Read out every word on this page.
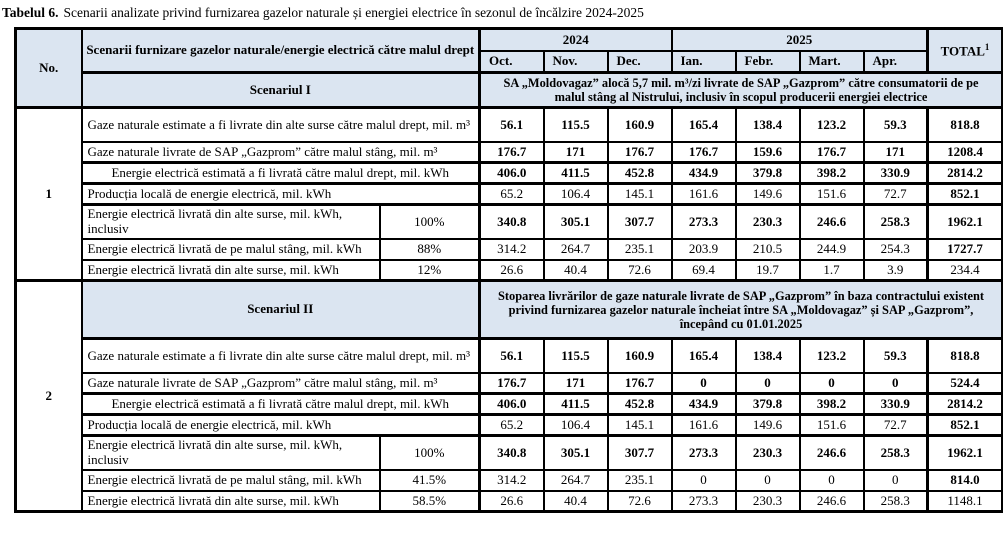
Tabelul 6. Scenarii analizate privind furnizarea gazelor naturale și energiei electrice în sezonul de încălzire 2024-2025
No.	Scenarii furnizare gazelor naturale/energie electrică către malul drept		2024			2025				TOTAL$^1$
			Oct.	Nov.	Dec.	Ian.	Febr.	Mart.	Apr.	
	Scenariul I		SA „Moldovagaz” alocă 5,7 mil. m³/zi livrate de SAP „Gazprom” către consumatorii de pe malul stâng al Nistrului, inclusiv în scopul producerii energiei electrice							
1	Gaze naturale estimate a fi livrate din alte surse către malul drept, mil. m³		56.1	115.5	160.9	165.4	138.4	123.2	59.3	818.8
	Gaze naturale livrate de SAP „Gazprom” către malul stâng, mil. m³		176.7	171	176.7	176.7	159.6	176.7	171	1208.4
	Energie electrică estimată a fi livrată către malul drept, mil. kWh		406.0	411.5	452.8	434.9	379.8	398.2	330.9	2814.2
	Producția locală de energie electrică, mil. kWh		65.2	106.4	145.1	161.6	149.6	151.6	72.7	852.1
	Energie electrică livrată din alte surse, mil. kWh, inclusiv	100%	340.8	305.1	307.7	273.3	230.3	246.6	258.3	1962.1
	Energie electrică livrată de pe malul stâng, mil. kWh	88%	314.2	264.7	235.1	203.9	210.5	244.9	254.3	1727.7
	Energie electrică livrată din alte surse, mil. kWh	12%	26.6	40.4	72.6	69.4	19.7	1.7	3.9	234.4
2	Scenariul II		Stoparea livrărilor de gaze naturale livrate de SAP „Gazprom” în baza contractului existent privind furnizarea gazelor naturale încheiat între SA „Moldovagaz” și SAP „Gazprom”, începând cu 01.01.2025							
	Gaze naturale estimate a fi livrate din alte surse către malul drept, mil. m³		56.1	115.5	160.9	165.4	138.4	123.2	59.3	818.8
	Gaze naturale livrate de SAP „Gazprom” către malul stâng, mil. m³		176.7	171	176.7	0	0	0	0	524.4
	Energie electrică estimată a fi livrată către malul drept, mil. kWh		406.0	411.5	452.8	434.9	379.8	398.2	330.9	2814.2
	Producția locală de energie electrică, mil. kWh		65.2	106.4	145.1	161.6	149.6	151.6	72.7	852.1
	Energie electrică livrată din alte surse, mil. kWh, inclusiv	100%	340.8	305.1	307.7	273.3	230.3	246.6	258.3	1962.1
	Energie electrică livrată de pe malul stâng, mil. kWh	41.5%	314.2	264.7	235.1	0	0	0	0	814.0
	Energie electrică livrată din alte surse, mil. kWh	58.5%	26.6	40.4	72.6	273.3	230.3	246.6	258.3	1148.1
